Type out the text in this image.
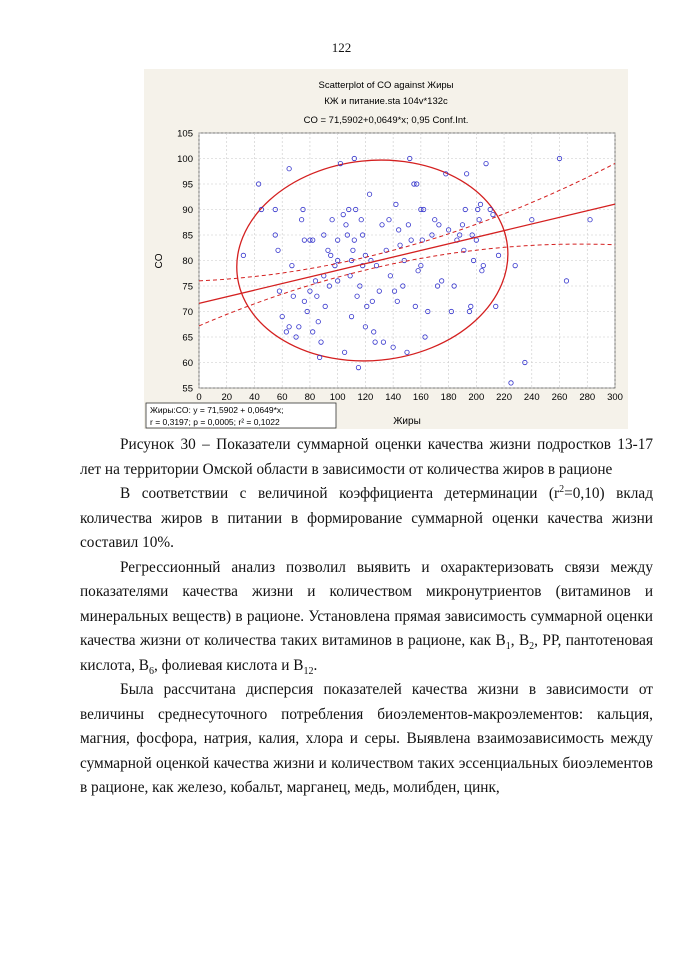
122
Scatterplot of CO against Жиры
КЖ и питание.sta 104v*132c
CO = 71,5902+0,0649*x; 0,95 Conf.Int.
0 20 40 60 80 100 120 140 160 180 200 220 240 260 280 300
55
60
65
70
75
80
85
90
95
100
105
CO
Жиры
Жиры:CO: y = 71,5902 + 0,0649*x;
r = 0,3197; p = 0,0005; r² = 0,1022

Рисунок 30 – Показатели суммарной оценки качества жизни подростков 13-17 лет на территории Омской области в зависимости от количества жиров в рационе

В соответствии с величиной коэффициента детерминации $(r^2=0,10)$ вклад количества жиров в питании в формирование суммарной оценки качества жизни составил 10%.

Регрессионный анализ позволил выявить и охарактеризовать связи между показателями качества жизни и количеством микронутриентов (витаминов и минеральных веществ) в рационе. Установлена прямая зависимость суммарной оценки качества жизни от количества таких витаминов в рационе, как $В_1$, $В_2$, РР, пантотеновая кислота, $В_6$, фолиевая кислота и $В_{12}$.

Была рассчитана дисперсия показателей качества жизни в зависимости от величины среднесуточного потребления биоэлементов-макроэлементов: кальция, магния, фосфора, натрия, калия, хлора и серы. Выявлена взаимозависимость между суммарной оценкой качества жизни и количеством таких эссенциальных биоэлементов в рационе, как железо, кобальт, марганец, медь, молибден, цинк,
